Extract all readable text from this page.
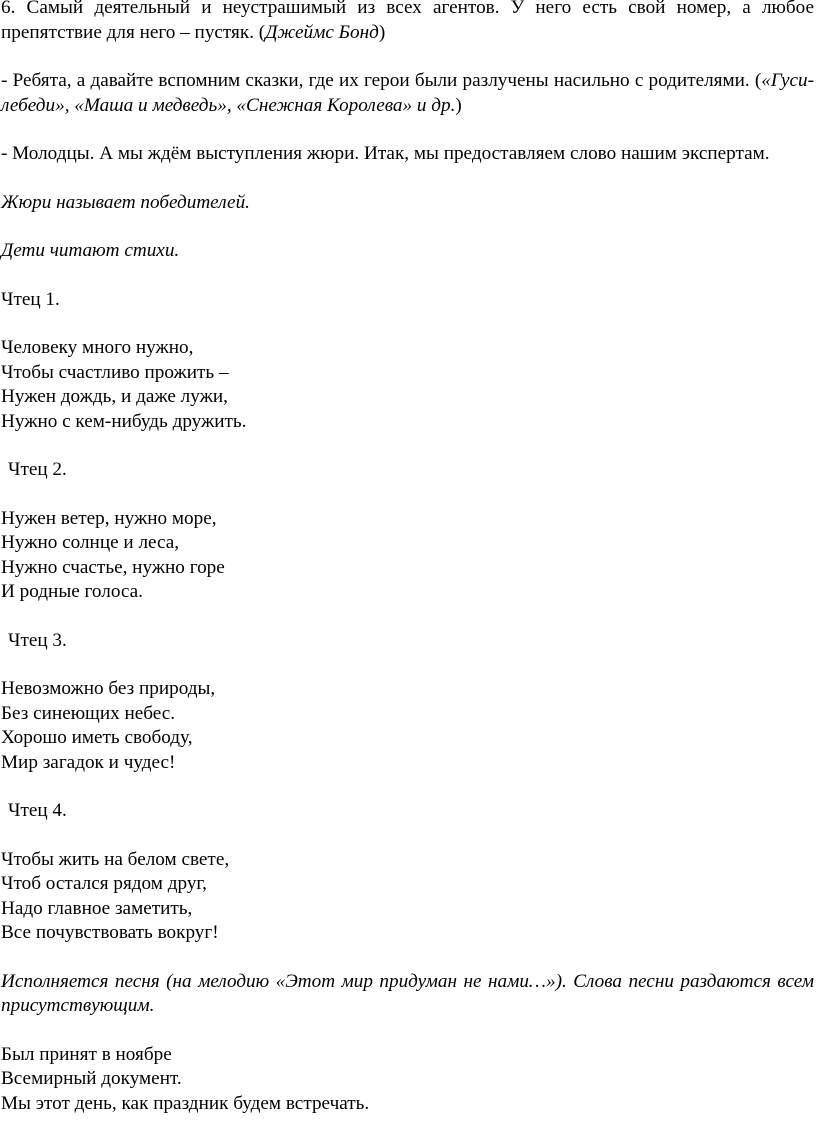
6. Самый деятельный и неустрашимый из всех агентов. У него есть свой номер, а любое препятствие для него – пустяк. (Джеймс Бонд)

- Ребята, а давайте вспомним сказки, где их герои были разлучены насильно с родителями. («Гуси-лебеди», «Маша и медведь», «Снежная Королева» и др.)

- Молодцы. А мы ждём выступления жюри. Итак, мы предоставляем слово нашим экспертам.

Жюри называет победителей.

Дети читают стихи.

Чтец 1.

Человеку много нужно,

Чтобы счастливо прожить –

Нужен дождь, и даже лужи,

Нужно с кем-нибудь дружить.

Чтец 2.

Нужен ветер, нужно море,

Нужно солнце и леса,

Нужно счастье, нужно горе

И родные голоса.

Чтец 3.

Невозможно без природы,

Без синеющих небес.

Хорошо иметь свободу,

Мир загадок и чудес!

Чтец 4.

Чтобы жить на белом свете,

Чтоб остался рядом друг,

Надо главное заметить,

Все почувствовать вокруг!

Исполняется песня (на мелодию «Этот мир придуман не нами…»). Слова песни раздаются всем присутствующим.

Был принят в ноябре

Всемирный документ.

Мы этот день, как праздник будем встречать.
